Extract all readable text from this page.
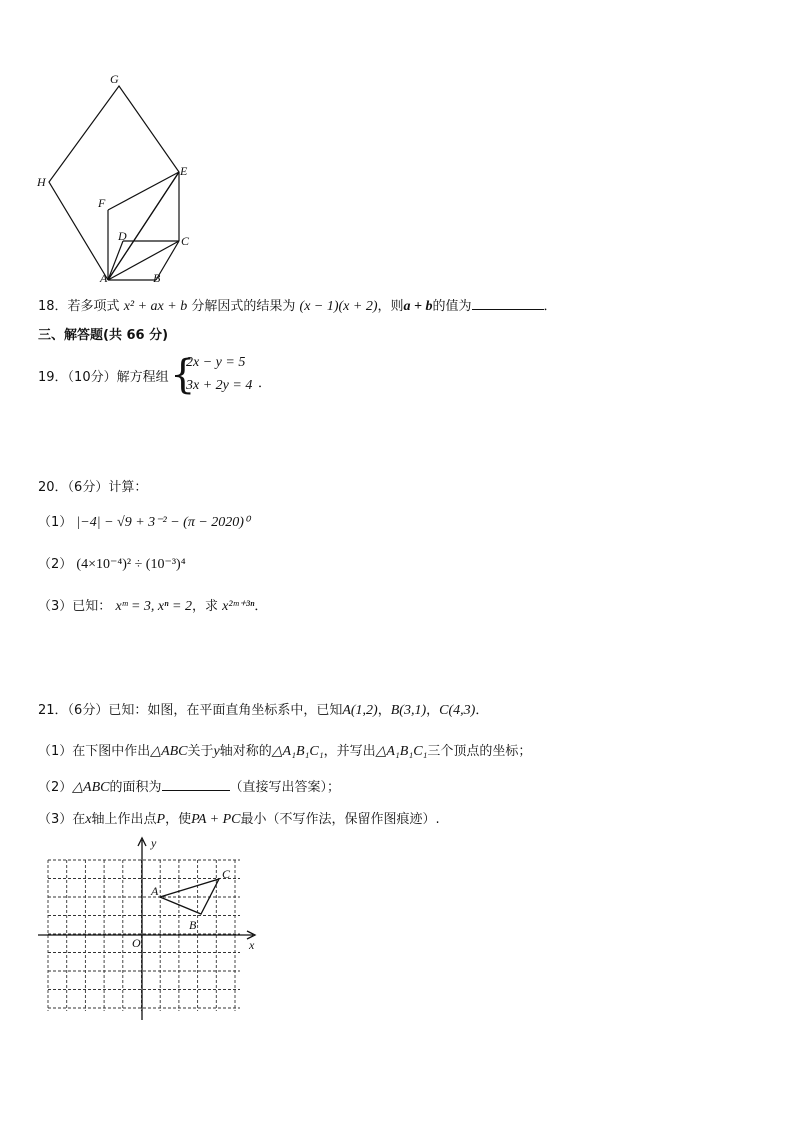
G
H
E
F
D	C
A	B
18．若多项式 x² + ax + b 分解因式的结果为 (x − 1)(x + 2)，则a + b的值为	．
三、解答题(共 66 分)
19．（10分）解方程组 {
2x − y = 5
3x + 2y = 4 ．
20．（6分）计算：
（1） |−4| − √9 + 3⁻² − (π − 2020)⁰
（2） (4×10⁻⁴)² ÷ (10⁻³)⁴
（3）已知： xᵐ = 3, xⁿ = 2，求 x²ᵐ⁺³ⁿ．
21．（6分）已知：如图，在平面直角坐标系中，已知A(1,2)，B(3,1)，C(4,3)．
（1）在下图中作出△ABC关于y轴对称的△A₁B₁C₁，并写出△A₁B₁C₁三个顶点的坐标；
（2）△ABC的面积为	（直接写出答案）；
（3）在x轴上作出点P，使PA + PC最小（不写作法，保留作图痕迹）.
y
x
O
A
B
C
